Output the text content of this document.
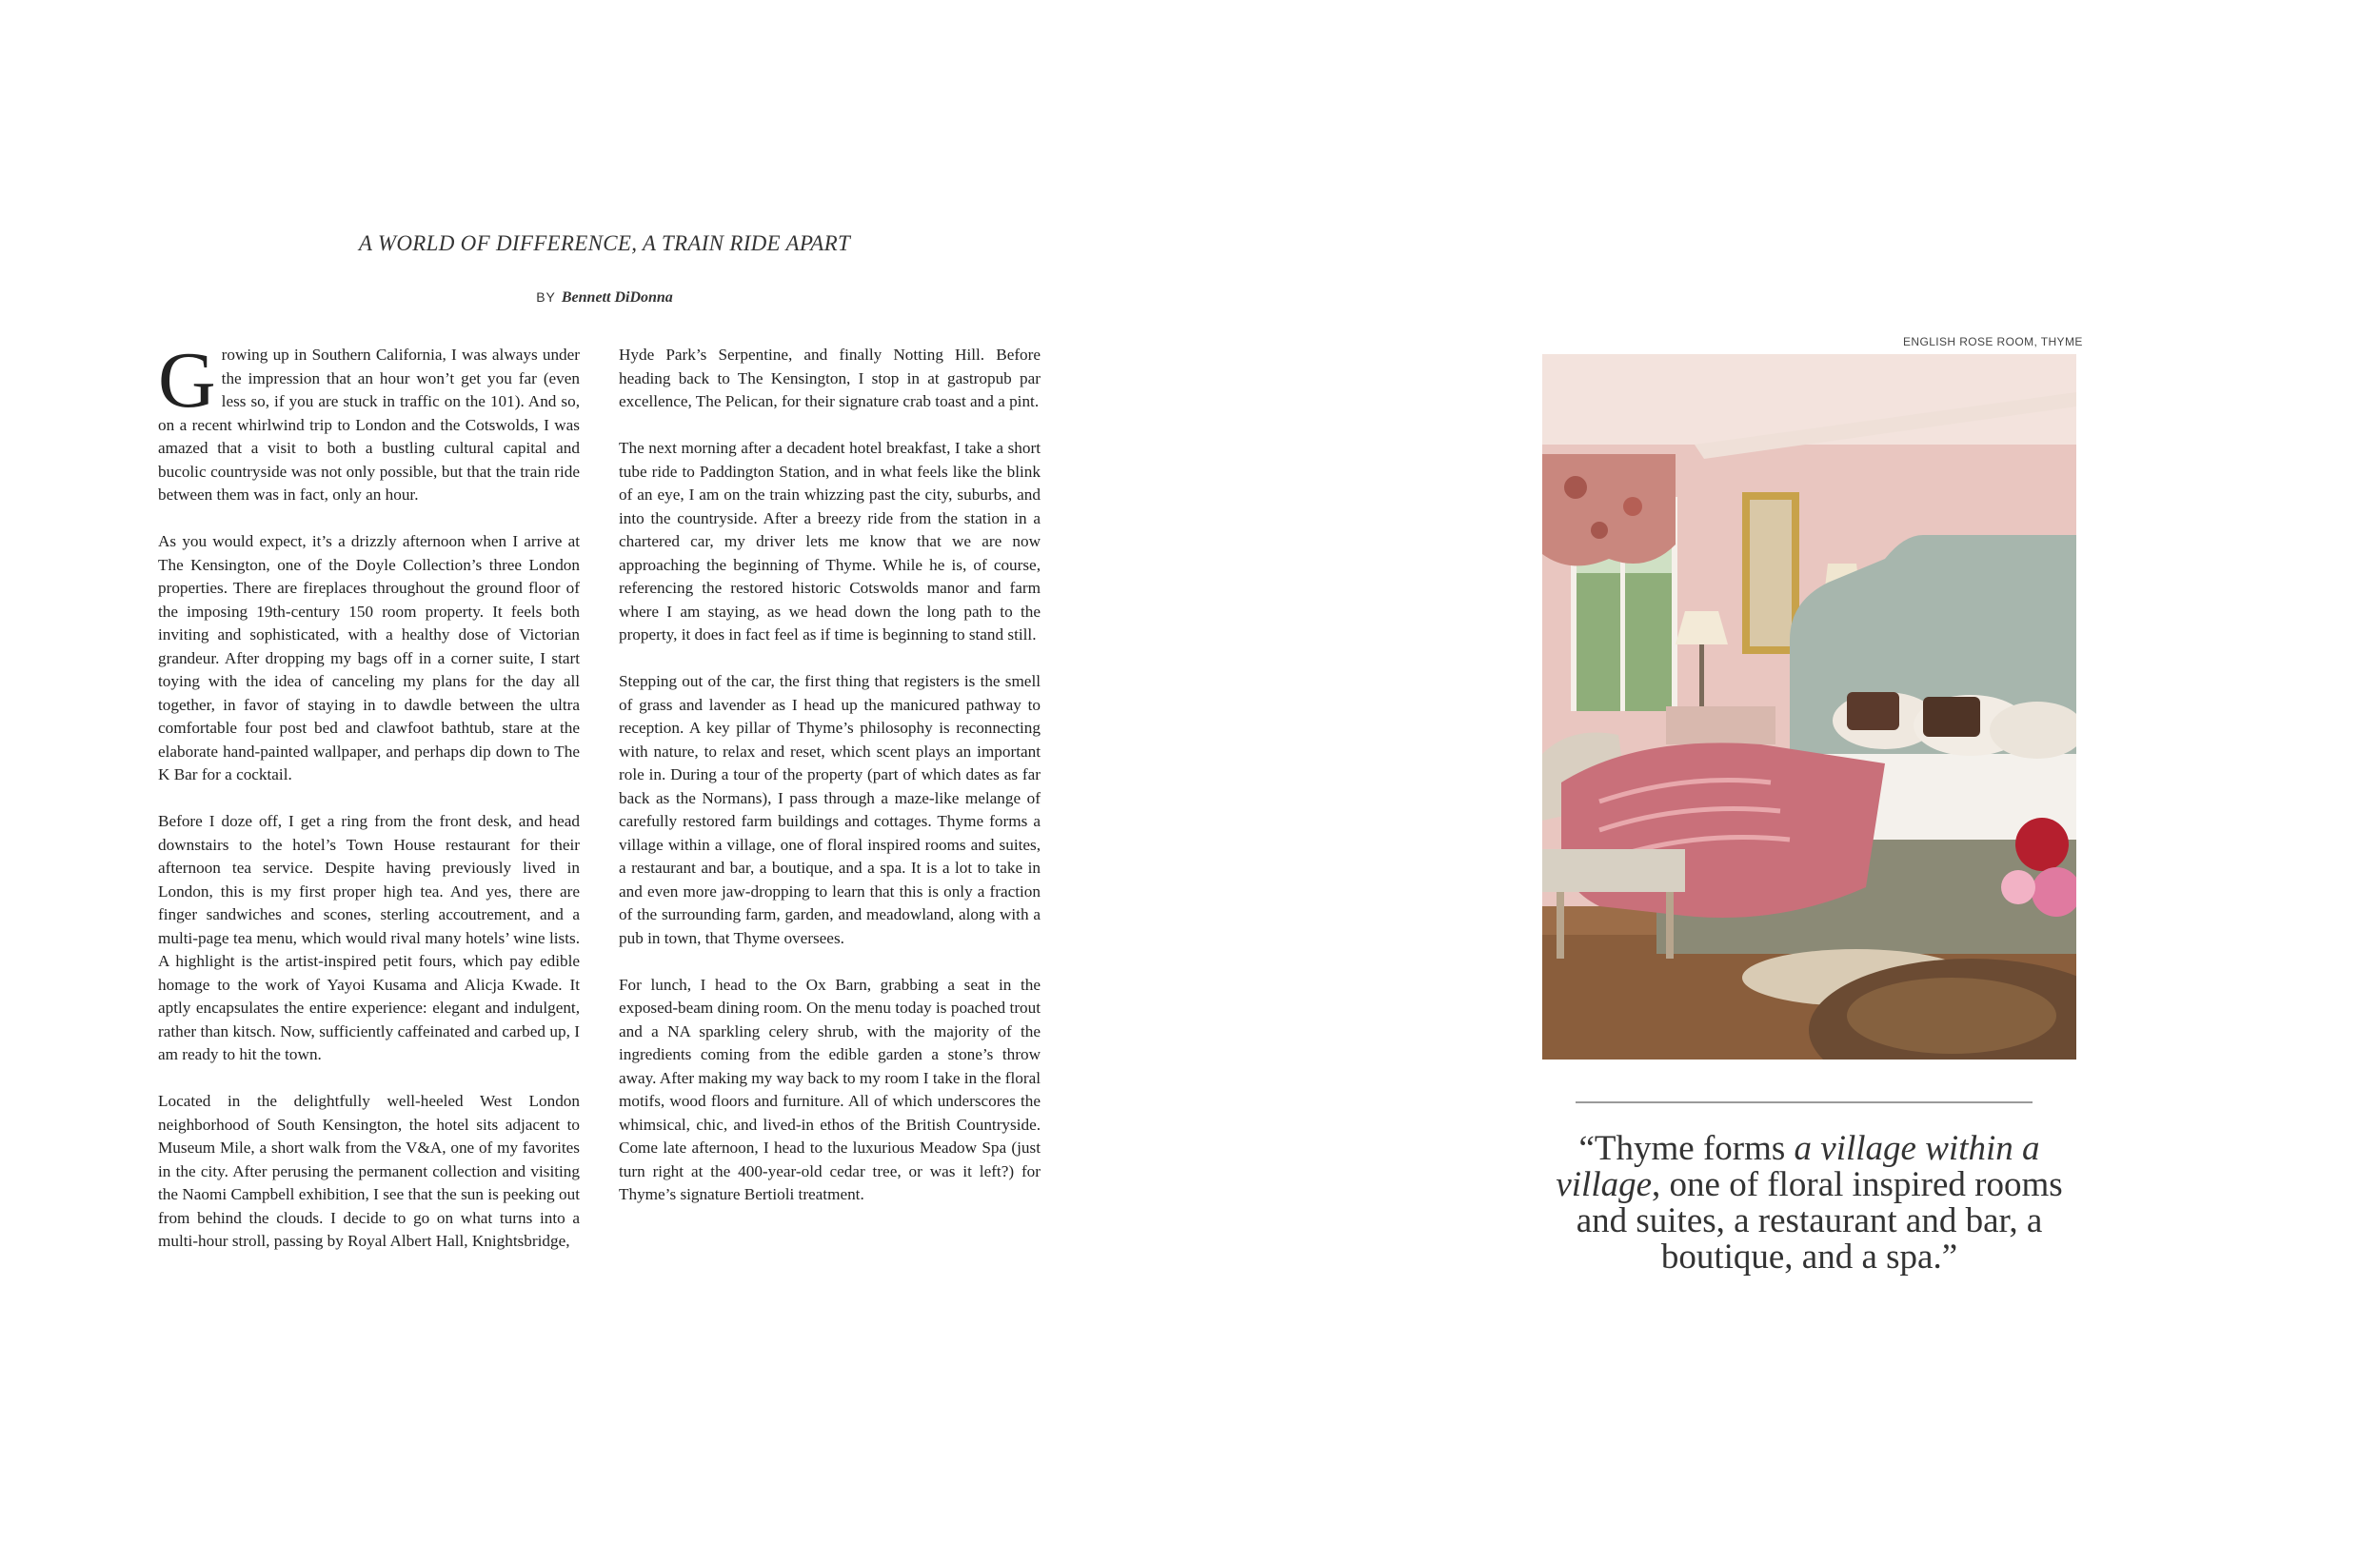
A WORLD OF DIFFERENCE, A TRAIN RIDE APART
BY Bennett DiDonna

Growing up in Southern California, I was always under the impression that an hour won’t get you far (even less so, if you are stuck in traffic on the 101). And so, on a recent whirlwind trip to London and the Cotswolds, I was amazed that a visit to both a bustling cultural capital and bucolic countryside was not only possible, but that the train ride between them was in fact, only an hour.

As you would expect, it’s a drizzly afternoon when I arrive at The Kensington, one of the Doyle Collection’s three London properties. There are fireplaces throughout the ground floor of the imposing 19th-century 150 room property. It feels both inviting and sophisticated, with a healthy dose of Victorian grandeur. After dropping my bags off in a corner suite, I start toying with the idea of canceling my plans for the day all together, in favor of staying in to dawdle between the ultra comfortable four post bed and clawfoot bathtub, stare at the elaborate hand-painted wallpaper, and perhaps dip down to The K Bar for a cocktail.

Before I doze off, I get a ring from the front desk, and head downstairs to the hotel’s Town House restaurant for their afternoon tea service. Despite having previously lived in London, this is my first proper high tea. And yes, there are finger sandwiches and scones, sterling accoutrement, and a multi-page tea menu, which would rival many hotels’ wine lists. A highlight is the artist-inspired petit fours, which pay edible homage to the work of Yayoi Kusama and Alicja Kwade. It aptly encapsulates the entire experience: elegant and indulgent, rather than kitsch. Now, sufficiently caffeinated and carbed up, I am ready to hit the town.

Located in the delightfully well-heeled West London neighborhood of South Kensington, the hotel sits adjacent to Museum Mile, a short walk from the V&A, one of my favorites in the city. After perusing the permanent collection and visiting the Naomi Campbell exhibition, I see that the sun is peeking out from behind the clouds. I decide to go on what turns into a multi-hour stroll, passing by Royal Albert Hall, Knightsbridge,

Hyde Park’s Serpentine, and finally Notting Hill. Before heading back to The Kensington, I stop in at gastropub par excellence, The Pelican, for their signature crab toast and a pint.

The next morning after a decadent hotel breakfast, I take a short tube ride to Paddington Station, and in what feels like the blink of an eye, I am on the train whizzing past the city, suburbs, and into the countryside. After a breezy ride from the station in a chartered car, my driver lets me know that we are now approaching the beginning of Thyme. While he is, of course, referencing the restored historic Cotswolds manor and farm where I am staying, as we head down the long path to the property, it does in fact feel as if time is beginning to stand still.

Stepping out of the car, the first thing that registers is the smell of grass and lavender as I head up the manicured pathway to reception. A key pillar of Thyme’s philosophy is reconnecting with nature, to relax and reset, which scent plays an important role in. During a tour of the property (part of which dates as far back as the Normans), I pass through a maze-like melange of carefully restored farm buildings and cottages. Thyme forms a village within a village, one of floral inspired rooms and suites, a restaurant and bar, a boutique, and a spa. It is a lot to take in and even more jaw-dropping to learn that this is only a fraction of the surrounding farm, garden, and meadowland, along with a pub in town, that Thyme oversees.

For lunch, I head to the Ox Barn, grabbing a seat in the exposed-beam dining room. On the menu today is poached trout and a NA sparkling celery shrub, with the majority of the ingredients coming from the edible garden a stone’s throw away. After making my way back to my room I take in the floral motifs, wood floors and furniture. All of which underscores the whimsical, chic, and lived-in ethos of the British Countryside. Come late afternoon, I head to the luxurious Meadow Spa (just turn right at the 400-year-old cedar tree, or was it left?) for Thyme’s signature Bertioli treatment.

ENGLISH ROSE ROOM, THYME

“Thyme forms a village within a village, one of floral inspired rooms and suites, a restaurant and bar, a boutique, and a spa.”
